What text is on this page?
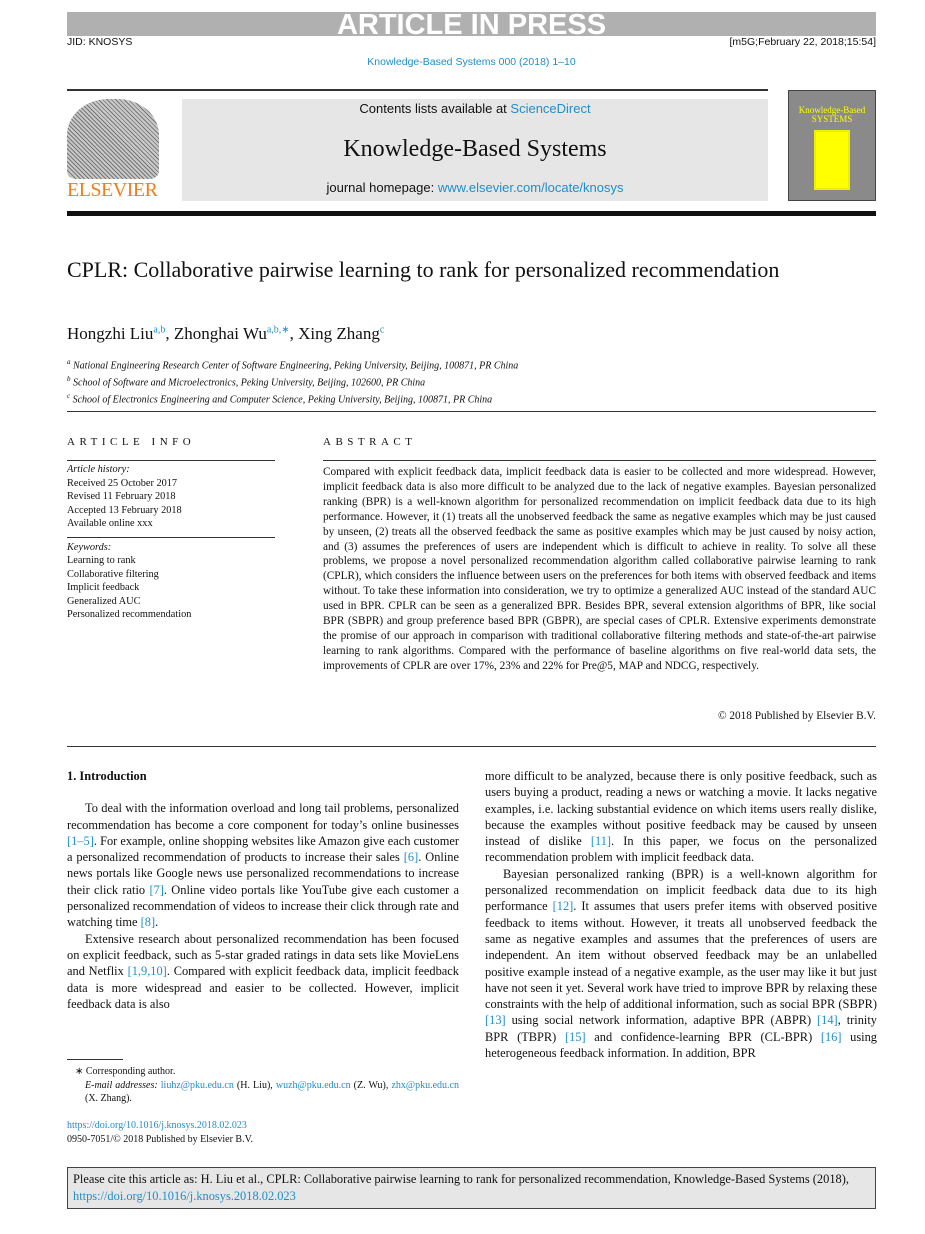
ARTICLE IN PRESS
JID: KNOSYS	[m5G;February 22, 2018;15:54]
Knowledge-Based Systems 000 (2018) 1–10
ELSEVIER
Contents lists available at ScienceDirect
Knowledge-Based Systems
journal homepage: www.elsevier.com/locate/knosys
Knowledge-Based SYSTEMS
CPLR: Collaborative pairwise learning to rank for personalized recommendation
Hongzhi Liu$^{a,b}$, Zhonghai $Wu^{a,b,∗}$, Xing Zhang$^c$
$^a$ National Engineering Research Center of Software Engineering, Peking University, Beijing, 100871, PR China
$^b$ School of Software and Microelectronics, Peking University, Beijing, 102600, PR China
$^c$ School of Electronics Engineering and Computer Science, Peking University, Beijing, 100871, PR China
ARTICLE INFO
Article history:
Received 25 October 2017
Revised 11 February 2018
Accepted 13 February 2018
Available online xxx
Keywords:
Learning to rank
Collaborative filtering
Implicit feedback
Generalized AUC
Personalized recommendation
ABSTRACT
Compared with explicit feedback data, implicit feedback data is easier to be collected and more widespread. However, implicit feedback data is also more difficult to be analyzed due to the lack of negative examples. Bayesian personalized ranking (BPR) is a well-known algorithm for personalized recommendation on implicit feedback data due to its high performance. However, it (1) treats all the unobserved feedback the same as negative examples which may be just caused by unseen, (2) treats all the observed feedback the same as positive examples which may be just caused by noisy action, and (3) assumes the preferences of users are independent which is difficult to achieve in reality. To solve all these problems, we propose a novel personalized recommendation algorithm called collaborative pairwise learning to rank (CPLR), which considers the influence between users on the preferences for both items with observed feedback and items without. To take these information into consideration, we try to optimize a generalized AUC instead of the standard AUC used in BPR. CPLR can be seen as a generalized BPR. Besides BPR, several extension algorithms of BPR, like social BPR (SBPR) and group preference based BPR (GBPR), are special cases of CPLR. Extensive experiments demonstrate the promise of our approach in comparison with traditional collaborative filtering methods and state-of-the-art pairwise learning to rank algorithms. Compared with the performance of baseline algorithms on five real-world data sets, the improvements of CPLR are over 17%, 23% and 22% for Pre@5, MAP and NDCG, respectively.
© 2018 Published by Elsevier B.V.
1. Introduction

To deal with the information overload and long tail problems, personalized recommendation has become a core component for today’s online businesses [1–5]. For example, online shopping websites like Amazon give each customer a personalized recommendation of products to increase their sales [6]. Online news portals like Google news use personalized recommendations to increase their click ratio [7]. Online video portals like YouTube give each customer a personalized recommendation of videos to increase their click through rate and watching time [8].

Extensive research about personalized recommendation has been focused on explicit feedback, such as 5-star graded ratings in data sets like MovieLens and Netflix [1,9,10]. Compared with explicit feedback data, implicit feedback data is more widespread and easier to be collected. However, implicit feedback data is also

more difficult to be analyzed, because there is only positive feedback, such as users buying a product, reading a news or watching a movie. It lacks negative examples, i.e. lacking substantial evidence on which items users really dislike, because the examples without positive feedback may be caused by unseen instead of dislike [11]. In this paper, we focus on the personalized recommendation problem with implicit feedback data.

Bayesian personalized ranking (BPR) is a well-known algorithm for personalized recommendation on implicit feedback data due to its high performance [12]. It assumes that users prefer items with observed positive feedback to items without. However, it treats all unobserved feedback the same as negative examples and assumes that the preferences of users are independent. An item without observed feedback may be an unlabelled positive example instead of a negative example, as the user may like it but just have not seen it yet. Several work have tried to improve BPR by relaxing these constraints with the help of additional information, such as social BPR (SBPR) [13] using social network information, adaptive BPR (ABPR) [14], trinity BPR (TBPR) [15] and confidence-learning BPR (CL-BPR) [16] using heterogeneous feedback information. In addition, BPR

∗ Corresponding author.
E-mail addresses: liuhz@pku.edu.cn (H. Liu), wuzh@pku.edu.cn (Z. Wu), zhx@pku.edu.cn (X. Zhang).
https://doi.org/10.1016/j.knosys.2018.02.023
0950-7051/© 2018 Published by Elsevier B.V.
Please cite this article as: H. Liu et al., CPLR: Collaborative pairwise learning to rank for personalized recommendation, Knowledge-Based Systems (2018), https://doi.org/10.1016/j.knosys.2018.02.023
